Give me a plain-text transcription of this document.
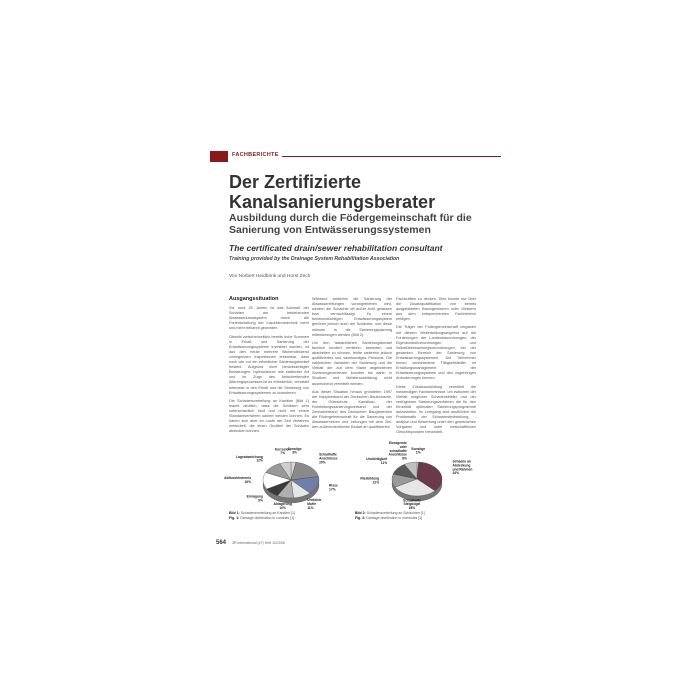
FACHBERICHTE
Der Zertifizierte
Kanalsanierungsberater
Ausbildung durch die Födergemeinschaft für die Sanierung von Entwässerungssystemen
The certificated drain/sewer rehabilitation consultant
Training provided by the Drainage System Rehabilitation Association
Von Norbert Heidbrink und Horst Zech
Ausgangssituation

Vor rund 25 Jahren ist das Ausmaß der Schäden am bestehenden Abwasserkanalsystem durch die Fortentwicklung der Inspektionstechnik mehr und mehr bekannt geworden.

Obwohl zwischenzeitlich bereits hohe Summen in Erhalt und Sanierung der Entwässerungssysteme investiert wurden, ist aus den heute mehrere flächendeckend vorliegenden Inspektionen erkennbar, dass noch wie vor ein erheblicher Sanierungsbedarf besteht. Aufgrund nicht berücksichtigter Belastungen, hydraulischer wie statischer Art und im Zuge des fortschreitenden Alterungsprozesses ist es erforderlich, verstärkt Interesse in den Erhalt und die Sanierung von Entwässerungssystemen zu investieren.

Die Schadensverteilung an Kanälen (Bild 1) macht deutlich, dass die Schäden sehr unterschiedlich sind und nicht mit einem Standardverfahren saniert werden können. Es haben sich aber im Laufe der Zeit Verfahren entwickelt, die einen Großteil der Schäden abdecken können.

Während weiterhin die Sanierung der Abwasserleitungen vorangetrieben wird, werden die Schächte oft außer Acht gelassen bzw. vernachlässigt. Zu einem funktionstüchtigen Entwässerungssystem gehören jedoch auch die Schächte, und diese müssen in die Sanierungsplanung miteinbezogen werden (Bild 2).

Um den tatsächlichen Sanierungsbedarf fachlich fundiert ermitteln, bewerten und abarbeiten zu können, fehlte weiterhin jedoch qualifiziertes und sachkundiges Personal. Die zahlreichen Varianten der Sanierung und die Vielfalt der auf dem Markt angebotenen Sanierungsverfahren konnten bis dahin in Studium und Meisterausbildung nicht ausreichend vermittelt werden.

Aus dieser Situation heraus gründeten 1997 der Hauptverband der Deutschen Bauindustrie, der Güteschutz Kanalbau, der Rohrleitungssanierungsverband und der Zentralverband des Deutschen Baugewerbes die Födergemeinschaft für die Sanierung von Abwassernetzen und -leitungen mit dem Ziel, den außerordentlichen Bedarf an qualifizierten

Fachkräften zu decken. Dies konnte nur über die Zusatzqualifikation von bereits ausgebildeten Bauingenieuren oder Meistern aus dem entsprechenden Fachbereich erfolgen.

Die Träger der Födergemeinschaft vergaben mit diesem Weiterbildungsangebot auf die Forderungen der Landesbauordnungen, der Eigenkontrollverordnungen und Selbstüberwachungsverordnungen, bei der gesamten Bereich der Sanierung von Entwässerungssystemen. Die Teilnehmer lernen verschiedene Tätigkeitsfelder im Erhaltungsmanagement der Entwässerungssysteme und den zugehörigen Anforderungen kennen.

Diese Zusatzausbildung vermittelt die notwendigen Fachkenntnisse, um zwischen der Vielfalt möglicher Schadensbilder und der verfügbaren Sanierungsverfahren die für den Einzelfall optimalen Sanierungsprogramme aufzustellen. Im Lehrgang wird ausführlich die Problematik der Schadensfeststellung, -analyse und Bewertung unter den gesetzlichen Vorgaben und unter wirtschaftlichen Gesichtspunkten behandelt.

Sonstige 3%	Schadhafte Anschlüsse 20%
Risse 17%
Undichte Muffe 11%
Ablagerung 10%
Einragung 9%
Abflusshindernis 16%
Lageabweichung 12%
Korrosion 7%
Sonstige 1%
Schaden an Abdeckung und Rahmen 34%
Schadhafte Steigbügel 28%
Rissbildung 12%
Undichtigkeit 11%
Einragende oder schadhafte Anschlüsse 8%
Bild 1: Schadensverteilung an Kanälen [1]
Fig. 1: Damage distribution in conduits [1]
Bild 2: Schadensverteilung an Schächten [1]
Fig. 2: Damage distribution in manholes [1]
564 3R international (47) Heft 10/2008
